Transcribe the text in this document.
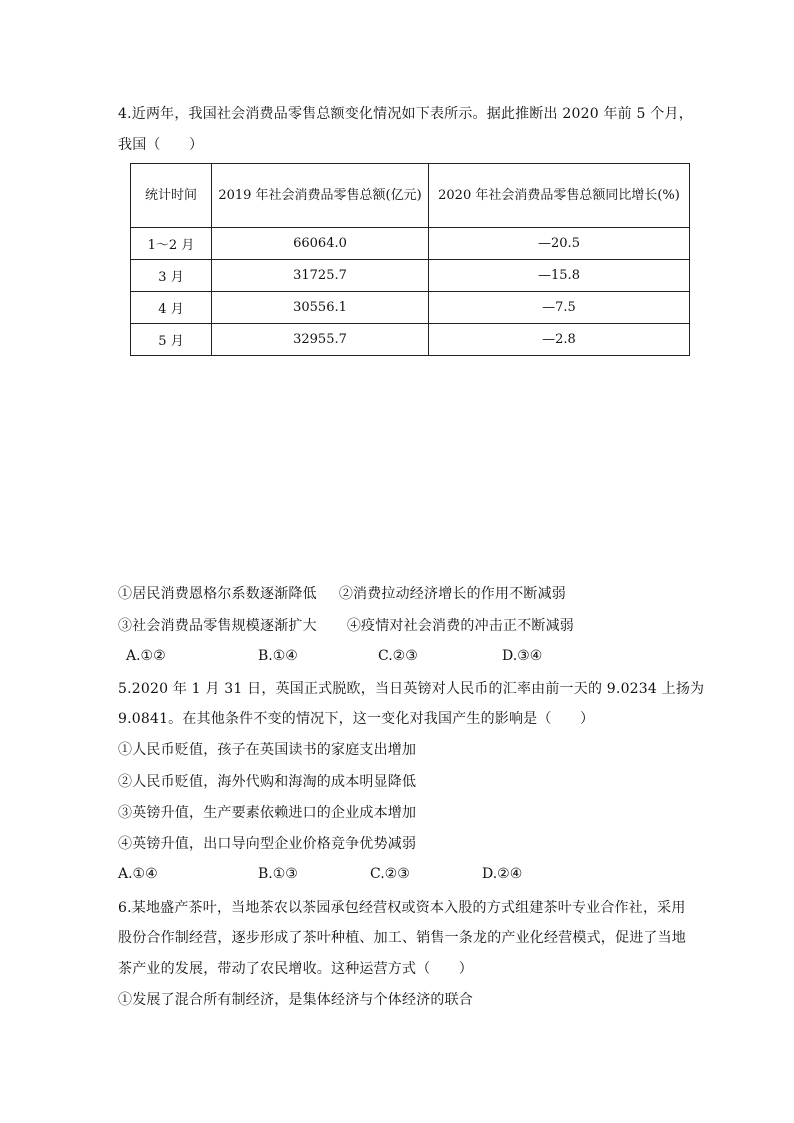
4.近两年，我国社会消费品零售总额变化情况如下表所示。据此推断出 2020 年前 5 个月，
我国（　　）
统计时间	2019 年社会消费品零售总额(亿元)	2020 年社会消费品零售总额同比增长(%)
1～2 月	66064.0	—20.5
3 月	31725.7	—15.8
4 月	30556.1	—7.5
5 月	32955.7	—2.8
①居民消费恩格尔系数逐渐降低 ②消费拉动经济增长的作用不断减弱
③社会消费品零售规模逐渐扩大 ④疫情对社会消费的冲击正不断减弱
A.①②	B.①④	C.②③	D.③④
5.2020 年 1 月 31 日，英国正式脱欧，当日英镑对人民币的汇率由前一天的 9.0234 上扬为
9.0841。在其他条件不变的情况下，这一变化对我国产生的影响是（　　）
①人民币贬值，孩子在英国读书的家庭支出增加
②人民币贬值，海外代购和海淘的成本明显降低
③英镑升值，生产要素依赖进口的企业成本增加
④英镑升值，出口导向型企业价格竞争优势减弱
A.①④	B.①③	C.②③	D.②④
6.某地盛产茶叶，当地茶农以茶园承包经营权或资本入股的方式组建茶叶专业合作社，采用
股份合作制经营，逐步形成了茶叶种植、加工、销售一条龙的产业化经营模式，促进了当地
茶产业的发展，带动了农民增收。这种运营方式（　　）
①发展了混合所有制经济，是集体经济与个体经济的联合
